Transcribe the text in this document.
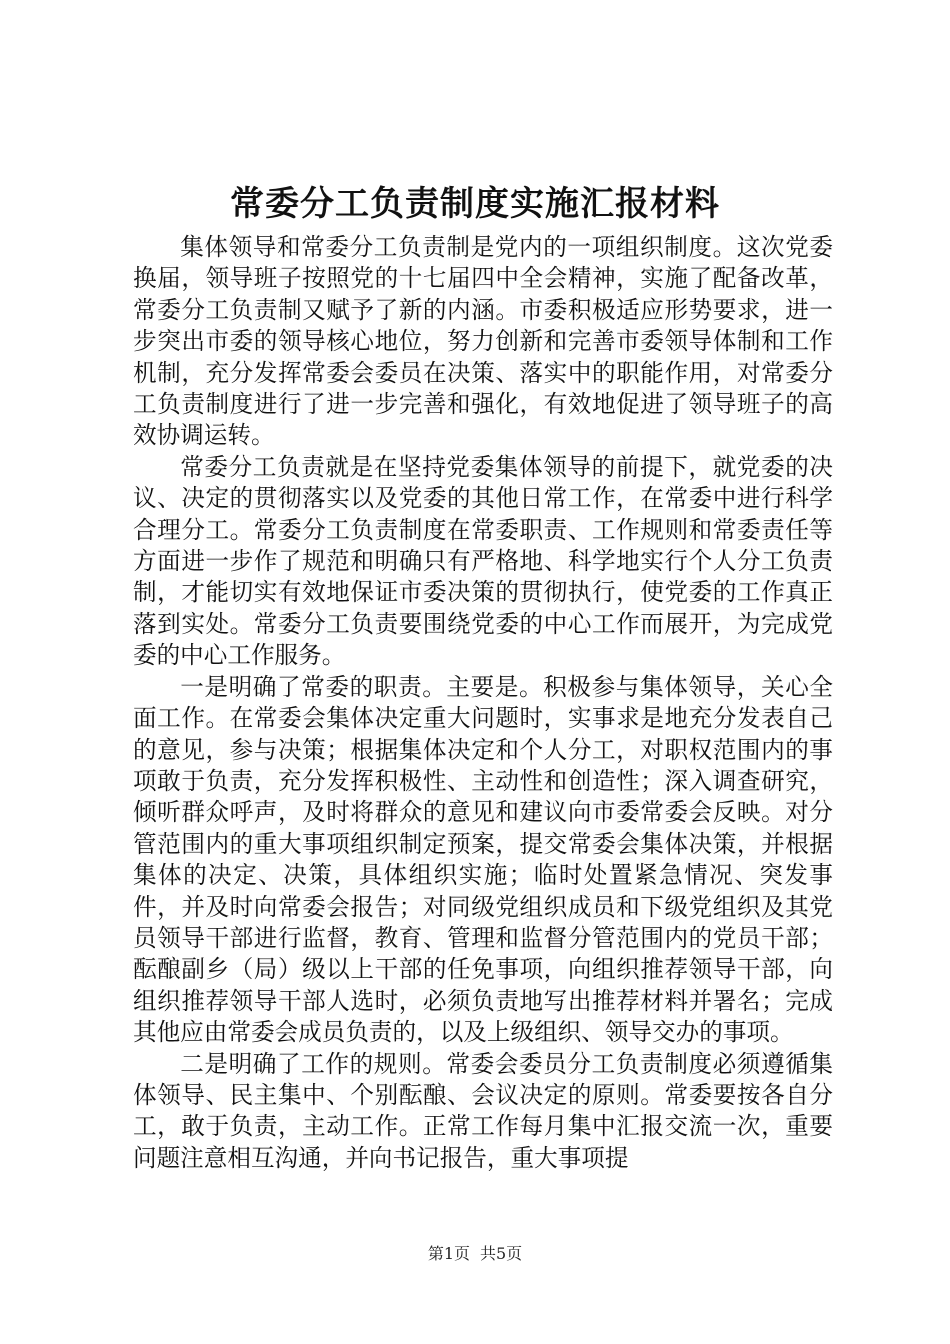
常委分工负责制度实施汇报材料

集体领导和常委分工负责制是党内的一项组织制度。这次党委换届，领导班子按照党的十七届四中全会精神，实施了配备改革，常委分工负责制又赋予了新的内涵。市委积极适应形势要求，进一步突出市委的领导核心地位，努力创新和完善市委领导体制和工作机制，充分发挥常委会委员在决策、落实中的职能作用，对常委分工负责制度进行了进一步完善和强化，有效地促进了领导班子的高效协调运转。

常委分工负责就是在坚持党委集体领导的前提下，就党委的决议、决定的贯彻落实以及党委的其他日常工作，在常委中进行科学合理分工。常委分工负责制度在常委职责、工作规则和常委责任等方面进一步作了规范和明确只有严格地、科学地实行个人分工负责制，才能切实有效地保证市委决策的贯彻执行，使党委的工作真正落到实处。常委分工负责要围绕党委的中心工作而展开，为完成党委的中心工作服务。

一是明确了常委的职责。主要是。积极参与集体领导，关心全面工作。在常委会集体决定重大问题时，实事求是地充分发表自己的意见，参与决策；根据集体决定和个人分工，对职权范围内的事项敢于负责，充分发挥积极性、主动性和创造性；深入调查研究，倾听群众呼声，及时将群众的意见和建议向市委常委会反映。对分管范围内的重大事项组织制定预案，提交常委会集体决策，并根据集体的决定、决策，具体组织实施；临时处置紧急情况、突发事件，并及时向常委会报告；对同级党组织成员和下级党组织及其党员领导干部进行监督，教育、管理和监督分管范围内的党员干部；酝酿副乡（局）级以上干部的任免事项，向组织推荐领导干部，向组织推荐领导干部人选时，必须负责地写出推荐材料并署名；完成其他应由常委会成员负责的，以及上级组织、领导交办的事项。

二是明确了工作的规则。常委会委员分工负责制度必须遵循集体领导、民主集中、个别酝酿、会议决定的原则。常委要按各自分工，敢于负责，主动工作。正常工作每月集中汇报交流一次，重要问题注意相互沟通，并向书记报告，重大事项提

第1页 共5页
